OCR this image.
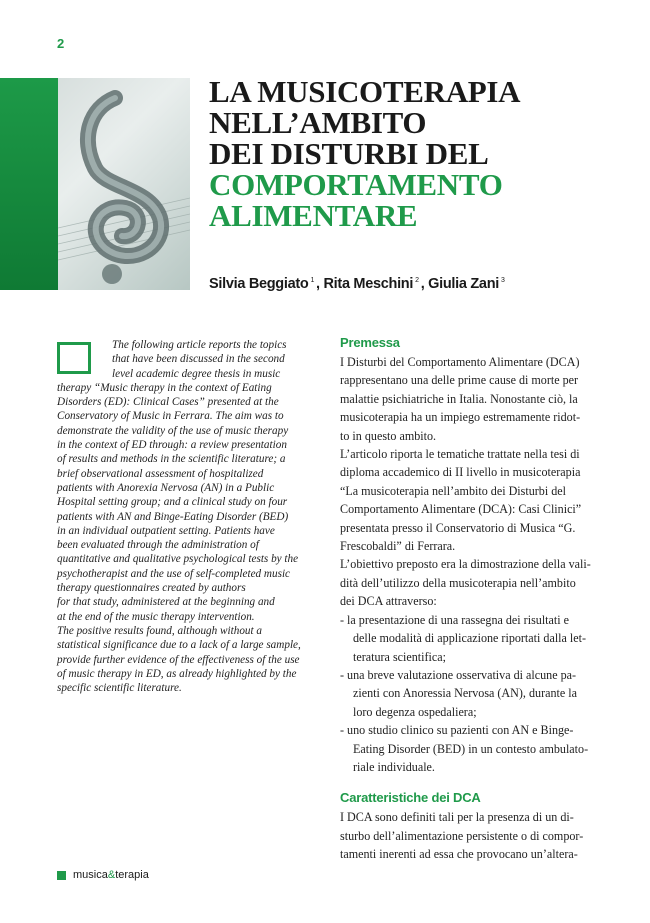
2
LA MUSICOTERAPIA
NELL’AMBITO
DEI DISTURBI DEL
COMPORTAMENTO
ALIMENTARE
Silvia Beggiato $^1$ , Rita Meschini $^2$ , Giulia Zani $^3$
The following article reports the topics
that have been discussed in the second
level academic degree thesis in music
therapy “Music therapy in the context of Eating
Disorders (ED): Clinical Cases” presented at the
Conservatory of Music in Ferrara. The aim was to
demonstrate the validity of the use of music therapy
in the context of ED through: a review presentation
of results and methods in the scientific literature; a
brief observational assessment of hospitalized
patients with Anorexia Nervosa (AN) in a Public
Hospital setting group; and a clinical study on four
patients with AN and Binge-Eating Disorder (BED)
in an individual outpatient setting. Patients have
been evaluated through the administration of
quantitative and qualitative psychological tests by the
psychotherapist and the use of self-completed music
therapy questionnaires created by authors
for that study, administered at the beginning and
at the end of the music therapy intervention.
The positive results found, although without a
statistical significance due to a lack of a large sample,
provide further evidence of the effectiveness of the use
of music therapy in ED, as already highlighted by the
specific scientific literature.
Premessa
I Disturbi del Comportamento Alimentare (DCA)
rappresentano una delle prime cause di morte per
malattie psichiatriche in Italia. Nonostante ciò, la
musicoterapia ha un impiego estremamente ridot-
to in questo ambito.
L’articolo riporta le tematiche trattate nella tesi di
diploma accademico di II livello in musicoterapia
“La musicoterapia nell’ambito dei Disturbi del
Comportamento Alimentare (DCA): Casi Clinici”
presentata presso il Conservatorio di Musica “G.
Frescobaldi” di Ferrara.
L’obiettivo preposto era la dimostrazione della vali-
dità dell’utilizzo della musicoterapia nell’ambito
dei DCA attraverso:
- la presentazione di una rassegna dei risultati e
delle modalità di applicazione riportati dalla let-
teratura scientifica;
- una breve valutazione osservativa di alcune pa-
zienti con Anoressia Nervosa (AN), durante la
loro degenza ospedaliera;
- uno studio clinico su pazienti con AN e Binge-
Eating Disorder (BED) in un contesto ambulato-
riale individuale.
Caratteristiche dei DCA
I DCA sono definiti tali per la presenza di un di-
sturbo dell’alimentazione persistente o di compor-
tamenti inerenti ad essa che provocano un’altera-
musica & terapia
